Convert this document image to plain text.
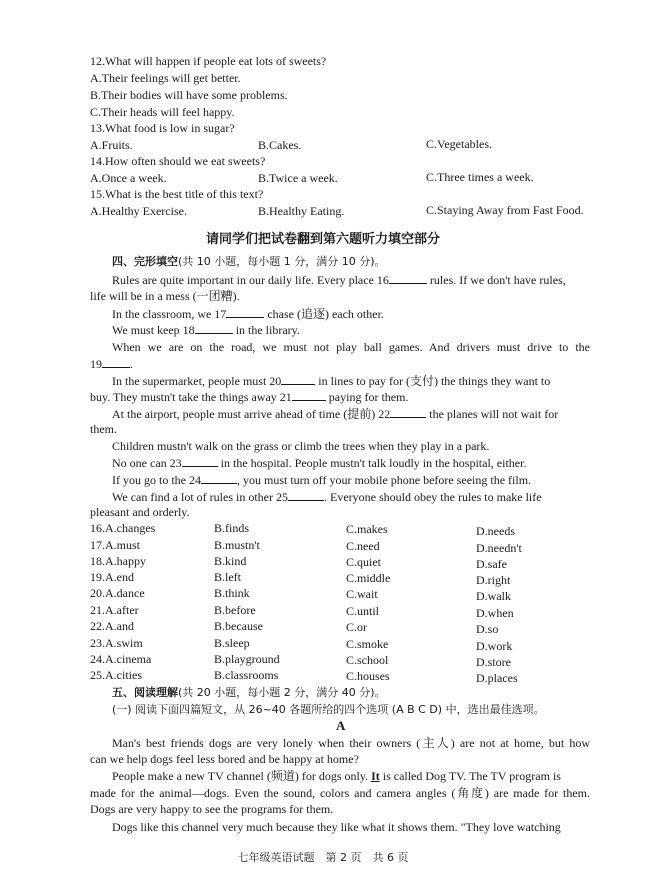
12.What will happen if people eat lots of sweets?
A.Their feelings will get better.
B.Their bodies will have some problems.
C.Their heads will feel happy.
13.What food is low in sugar?
A.Fruits.	B.Cakes.	C.Vegetables.
14.How often should we eat sweets?
A.Once a week.	B.Twice a week.	C.Three times a week.
15.What is the best title of this text?
A.Healthy Exercise.	B.Healthy Eating.	C.Staying Away from Fast Food.
请同学们把试卷翻到第六题听力填空部分
四、完形填空(共 10 小题，每小题 1 分，满分 10 分)。
Rules are quite important in our daily life. Every place 16	rules. If we don't have rules,
life will be in a mess (一团糟).
In the classroom, we 17	chase (追逐) each other.
We must keep 18	in the library.
When we are on the road, we must not play ball games. And drivers must drive to the
19 .
In the supermarket, people must 20	in lines to pay for (支付) the things they want to
buy. They mustn't take the things away 21	paying for them.
At the airport, people must arrive ahead of time (提前) 22	the planes will not wait for
them.
Children mustn't walk on the grass or climb the trees when they play in a park.
No one can 23	in the hospital. People mustn't talk loudly in the hospital, either.
If you go to the 24	, you must turn off your mobile phone before seeing the film.
We can find a lot of rules in other 25	. Everyone should obey the rules to make life
pleasant and orderly.
16.A.changes	B.finds	C.makes	D.needs
17.A.must	B.mustn't	C.need	D.needn't
18.A.happy	B.kind	C.quiet	D.safe
19.A.end	B.left	C.middle	D.right
20.A.dance	B.think	C.wait	D.walk
21.A.after	B.before	C.until	D.when
22.A.and	B.because	C.or	D.so
23.A.swim	B.sleep	C.smoke	D.work
24.A.cinema	B.playground	C.school	D.store
25.A.cities	B.classrooms	C.houses	D.places
五、阅读理解(共 20 小题，每小题 2 分，满分 40 分)。
(一) 阅读下面四篇短文，从 26~40 各题所给的四个选项 (A B C D) 中，选出最佳选项。
A
Man's best friends dogs are very lonely when their owners (主人) are not at home, but how
can we help dogs feel less bored and be happy at home?
People make a new TV channel (频道) for dogs only. It is called Dog TV. The TV program is
made for the animal—dogs. Even the sound, colors and camera angles (角度) are made for them.
Dogs are very happy to see the programs for them.
Dogs like this channel very much because they like what it shows them. "They love watching
七年级英语试题　第 2 页　共 6 页
